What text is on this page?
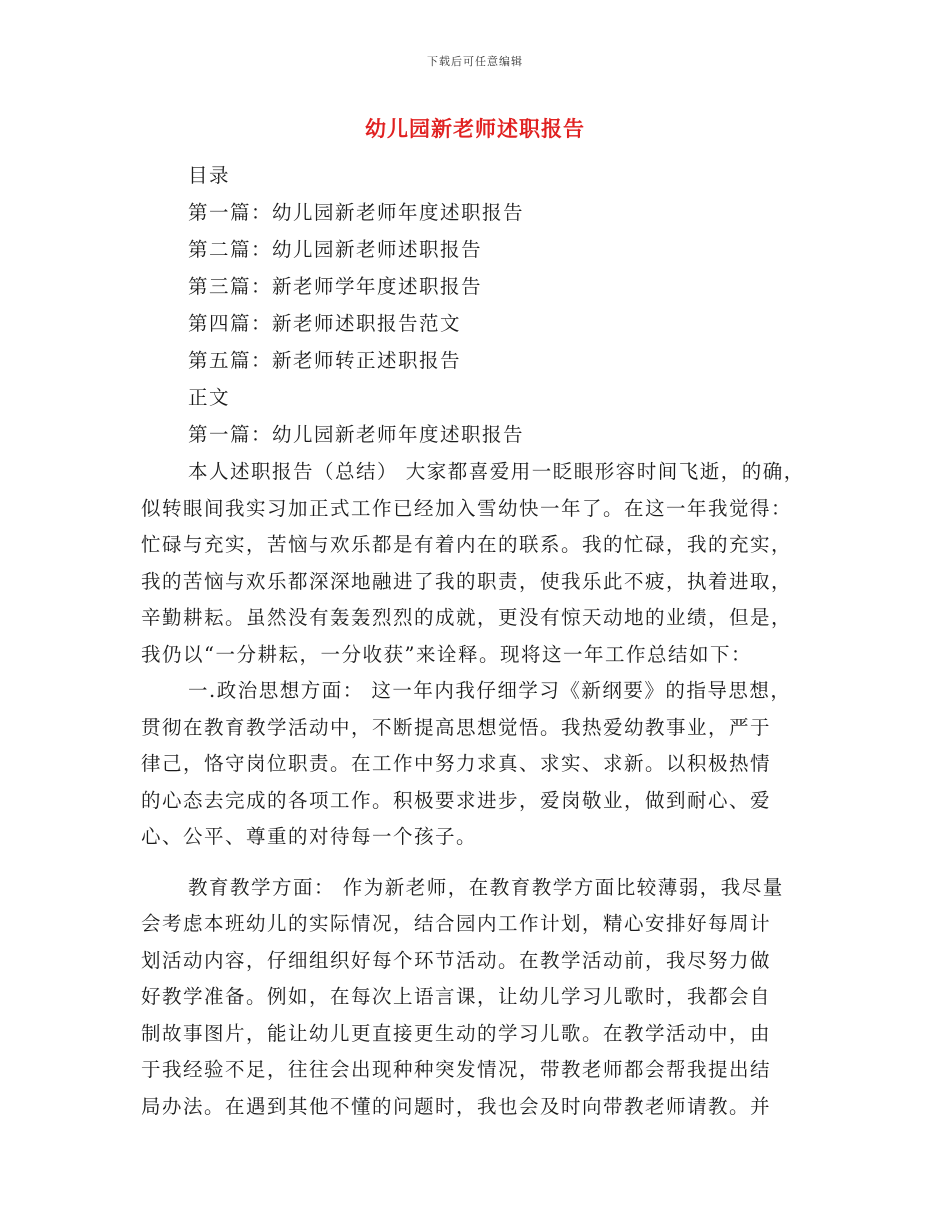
下载后可任意编辑
幼儿园新老师述职报告
目录
第一篇：幼儿园新老师年度述职报告
第二篇：幼儿园新老师述职报告
第三篇：新老师学年度述职报告
第四篇：新老师述职报告范文
第五篇：新老师转正述职报告
正文
第一篇：幼儿园新老师年度述职报告
本人述职报告（总结） 大家都喜爱用一眨眼形容时间飞逝，的确，
似转眼间我实习加正式工作已经加入雪幼快一年了。在这一年我觉得：
忙碌与充实，苦恼与欢乐都是有着内在的联系。我的忙碌，我的充实，
我的苦恼与欢乐都深深地融进了我的职责，使我乐此不疲，执着进取，
辛勤耕耘。虽然没有轰轰烈烈的成就，更没有惊天动地的业绩，但是，
我仍以“一分耕耘，一分收获”来诠释。现将这一年工作总结如下：
一.政治思想方面： 这一年内我仔细学习《新纲要》的指导思想，
贯彻在教育教学活动中，不断提高思想觉悟。我热爱幼教事业，严于
律己，恪守岗位职责。在工作中努力求真、求实、求新。以积极热情
的心态去完成的各项工作。积极要求进步，爱岗敬业，做到耐心、爱
心、公平、尊重的对待每一个孩子。
教育教学方面： 作为新老师，在教育教学方面比较薄弱，我尽量
会考虑本班幼儿的实际情况，结合园内工作计划，精心安排好每周计
划活动内容，仔细组织好每个环节活动。在教学活动前，我尽努力做
好教学准备。例如，在每次上语言课，让幼儿学习儿歌时，我都会自
制故事图片，能让幼儿更直接更生动的学习儿歌。在教学活动中，由
于我经验不足，往往会出现种种突发情况，带教老师都会帮我提出结
局办法。在遇到其他不懂的问题时，我也会及时向带教老师请教。并
